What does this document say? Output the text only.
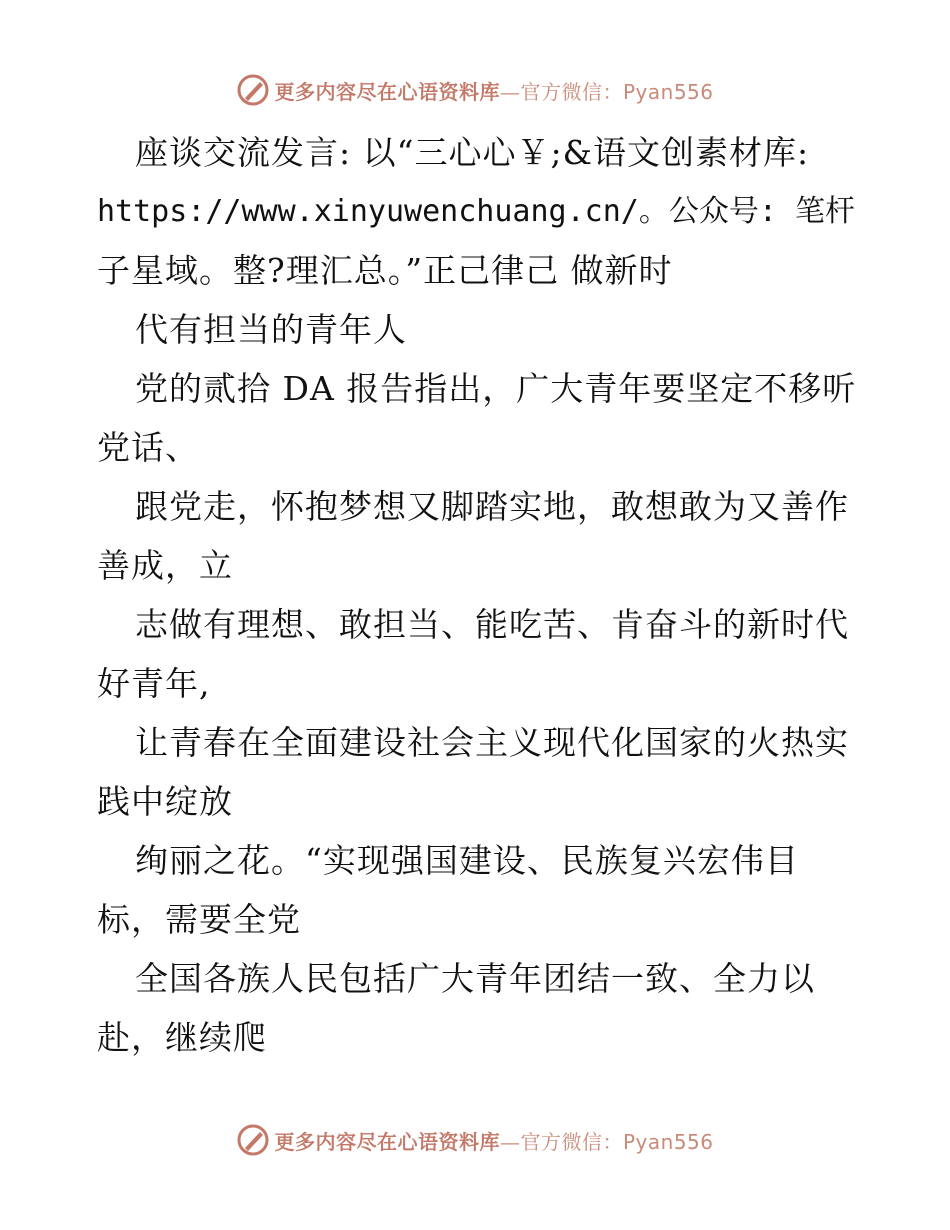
更多内容尽在心语资料库—官方微信：Pyan556
座谈交流发言: 以“三心心￥;&语文创素材库:
https://www.xinyuwenchuang.cn/。公众号: 笔杆
子星域。整?理汇总。”正己律己 做新时
代有担当的青年人
党的贰拾 DA 报告指出，广大青年要坚定不移听
党话、
跟党走，怀抱梦想又脚踏实地，敢想敢为又善作
善成，立
志做有理想、敢担当、能吃苦、肯奋斗的新时代
好青年,
让青春在全面建设社会主义现代化国家的火热实
践中绽放
绚丽之花。“实现强国建设、民族复兴宏伟目
标，需要全党
全国各族人民包括广大青年团结一致、全力以
赴，继续爬
更多内容尽在心语资料库—官方微信：Pyan556
